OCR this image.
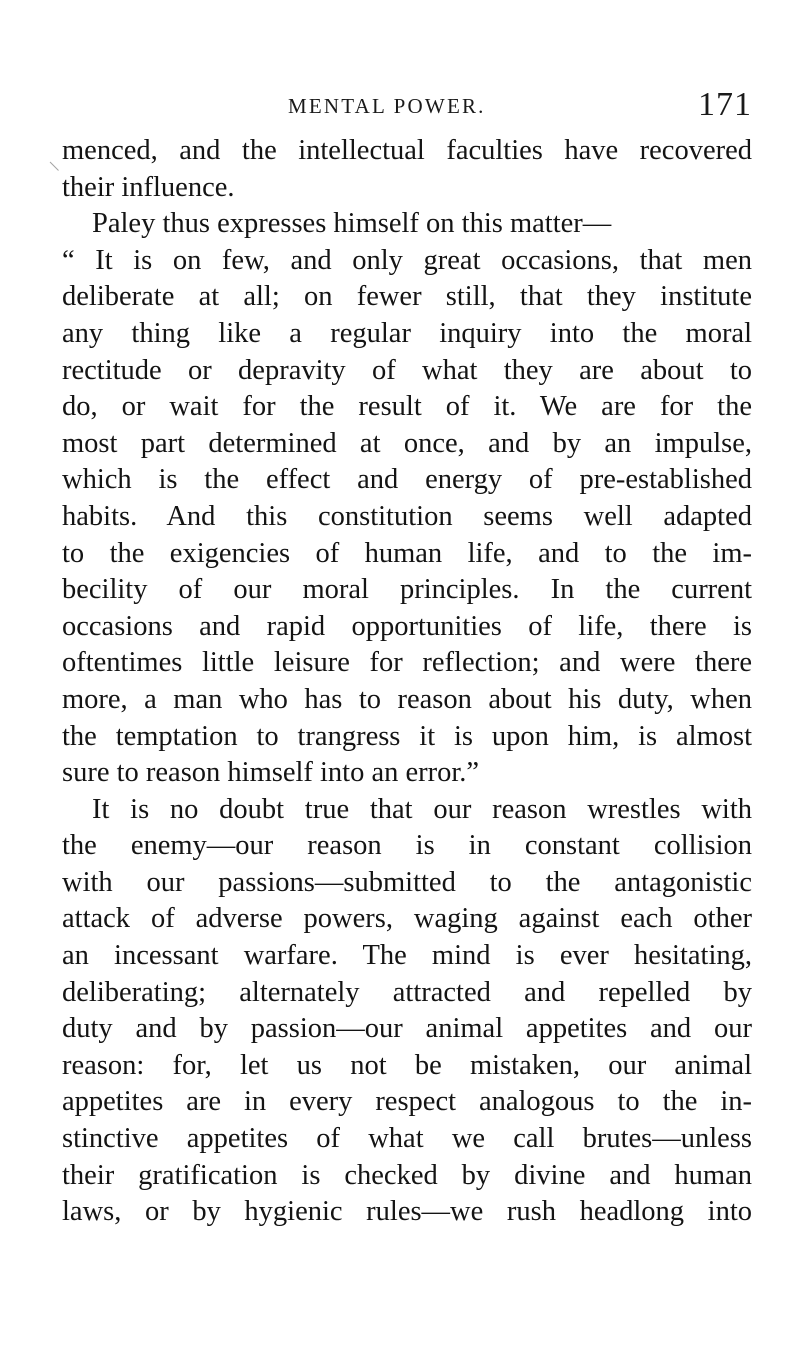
MENTAL POWER.	171
menced, and the intellectual faculties have recovered
their influence.
Paley thus expresses himself on this matter—
“ It is on few, and only great occasions, that men
deliberate at all; on fewer still, that they institute
any thing like a regular inquiry into the moral
rectitude or depravity of what they are about to
do, or wait for the result of it. We are for the
most part determined at once, and by an impulse,
which is the effect and energy of pre-established
habits. And this constitution seems well adapted
to the exigencies of human life, and to the im-
becility of our moral principles. In the current
occasions and rapid opportunities of life, there is
oftentimes little leisure for reflection; and were there
more, a man who has to reason about his duty, when
the temptation to trangress it is upon him, is almost
sure to reason himself into an error.”
It is no doubt true that our reason wrestles with
the enemy—our reason is in constant collision
with our passions—submitted to the antagonistic
attack of adverse powers, waging against each other
an incessant warfare. The mind is ever hesitating,
deliberating; alternately attracted and repelled by
duty and by passion—our animal appetites and our
reason: for, let us not be mistaken, our animal
appetites are in every respect analogous to the in-
stinctive appetites of what we call brutes—unless
their gratification is checked by divine and human
laws, or by hygienic rules—we rush headlong into
